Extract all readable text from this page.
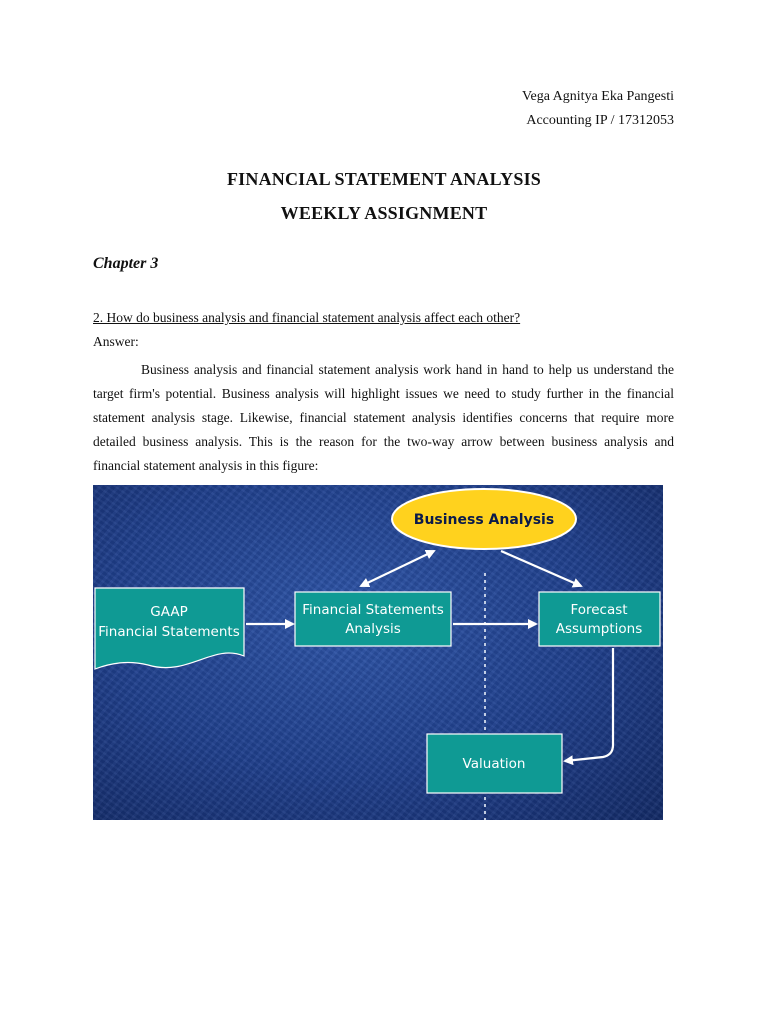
Vega Agnitya Eka Pangesti
Accounting IP / 17312053
FINANCIAL STATEMENT ANALYSIS
WEEKLY ASSIGNMENT
Chapter 3
2. How do business analysis and financial statement analysis affect each other?
Answer:

Business analysis and financial statement analysis work hand in hand to help us understand the target firm's potential. Business analysis will highlight issues we need to study further in the financial statement analysis stage. Likewise, financial statement analysis identifies concerns that require more detailed business analysis. This is the reason for the two-way arrow between business analysis and financial statement analysis in this figure:

Business Analysis
GAAP
Financial Statements
Financial Statements
Analysis
Forecast
Assumptions
Valuation
